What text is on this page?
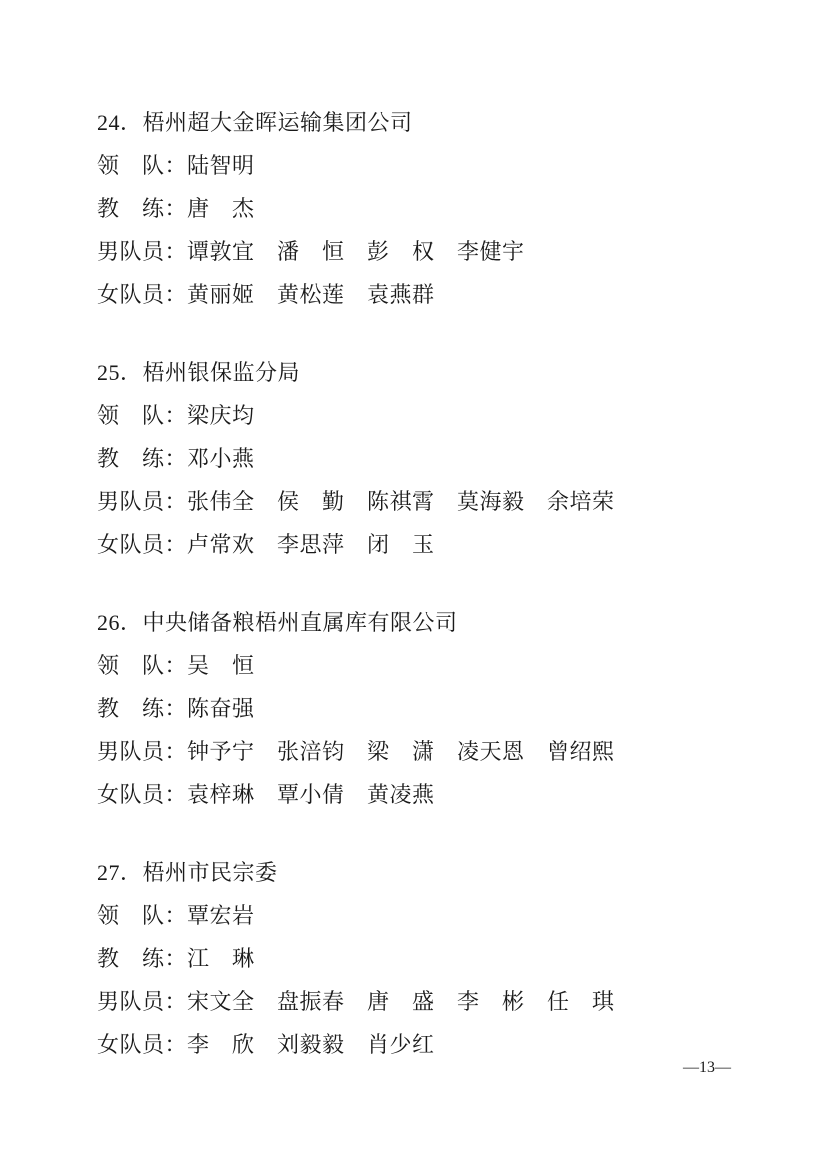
24．梧州超大金晖运输集团公司
领　队：陆智明
教　练：唐　杰
男队员：谭敦宜　潘　恒　彭　权　李健宇
女队员：黄丽姬　黄松莲　袁燕群
25．梧州银保监分局
领　队：梁庆均
教　练：邓小燕
男队员：张伟全　侯　勤　陈祺霄　莫海毅　余培荣
女队员：卢常欢　李思萍　闭　玉
26．中央储备粮梧州直属库有限公司
领　队：吴　恒
教　练：陈奋强
男队员：钟予宁　张涪钧　梁　潇　凌天恩　曾绍熙
女队员：袁梓琳　覃小倩　黄凌燕
27．梧州市民宗委
领　队：覃宏岩
教　练：江　琳
男队员：宋文全　盘振春　唐　盛　李　彬　任　琪
女队员：李　欣　刘毅毅　肖少红
—13—
